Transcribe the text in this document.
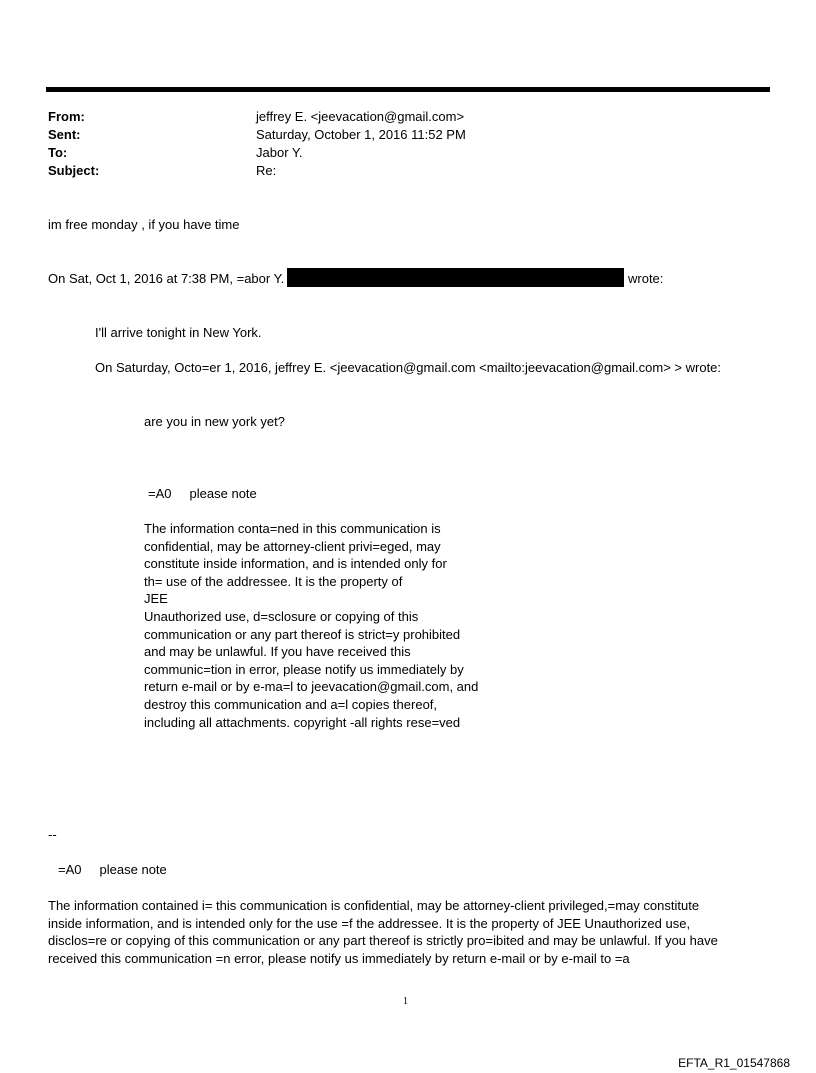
From:	jeffrey E. <jeevacation@gmail.com>
Sent:	Saturday, October 1, 2016 11:52 PM
To:	Jabor Y.
Subject:	Re:
im free monday , if you have time
On Sat, Oct 1, 2016 at 7:38 PM, =abor Y.	wrote:
I'll arrive tonight in New York.
On Saturday, Octo=er 1, 2016, jeffrey E. <jeevacation@gmail.com <mailto:jeevacation@gmail.com> > wrote:
are you in new york yet?
=A0     please note
The information conta=ned in this communication is
confidential, may be attorney-client privi=eged, may
constitute inside information, and is intended only for
th= use of the addressee. It is the property of
JEE
Unauthorized use, d=sclosure or copying of this
communication or any part thereof is strict=y prohibited
and may be unlawful. If you have received this
communic=tion in error, please notify us immediately by
return e-mail or by e-ma=l to jeevacation@gmail.com, and
destroy this communication and a=l copies thereof,
including all attachments. copyright -all rights rese=ved
--
=A0     please note
The information contained i= this communication is confidential, may be attorney-client privileged,=may constitute
inside information, and is intended only for the use =f the addressee. It is the property of JEE Unauthorized use,
disclos=re or copying of this communication or any part thereof is strictly pro=ibited and may be unlawful. If you have
received this communication =n error, please notify us immediately by return e-mail or by e-mail to =a
1
EFTA_R1_01547868
